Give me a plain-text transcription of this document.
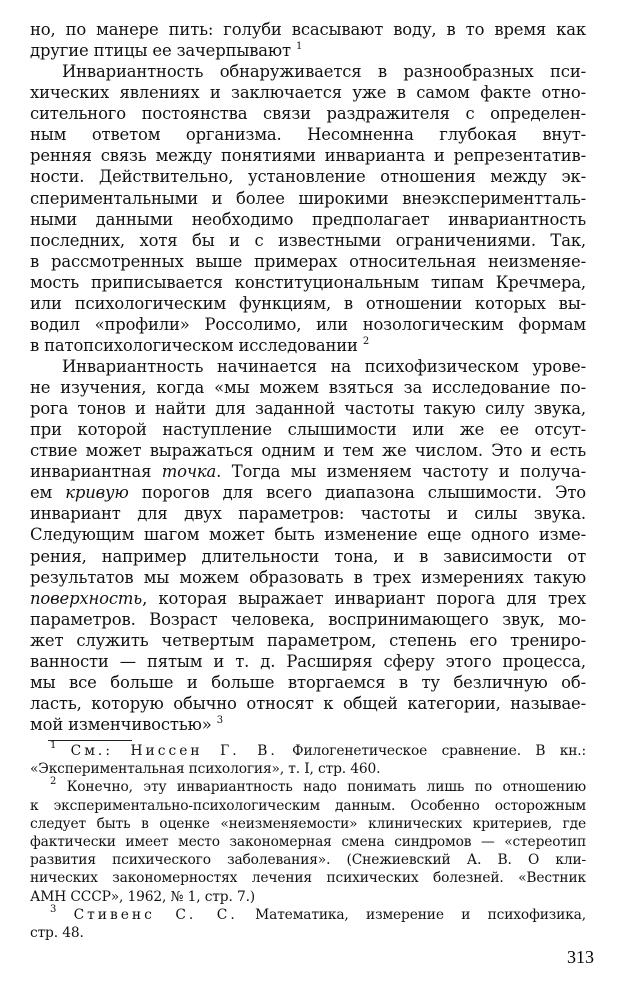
но, по манере пить: голуби всасывают воду, в то время как
другие птицы ее зачерпывают $^1$
Инвариантность обнаруживается в разнообразных пси-
хических явлениях и заключается уже в самом факте отно-
сительного постоянства связи раздражителя с определен-
ным ответом организма. Несомненна глубокая внут-
ренняя связь между понятиями инварианта и репрезентатив-
ности. Действительно, установление отношения между эк-
спериментальными и более широкими внеэкспериментталь-
ными данными необходимо предполагает инвариантность
последних, хотя бы и с известными ограничениями. Так,
в рассмотренных выше примерах относительная неизменяе-
мость приписывается конституциональным типам Кречмера,
или психологическим функциям, в отношении которых вы-
водил «профили» Россолимо, или нозологическим формам
в патопсихологическом исследовании $^2$
Инвариантность начинается на психофизическом урове-
не изучения, когда «мы можем взяться за исследование по-
рога тонов и найти для заданной частоты такую силу звука,
при которой наступление слышимости или же ее отсут-
ствие может выражаться одним и тем же числом. Это и есть
инвариантная точка. Тогда мы изменяем частоту и получа-
ем кривую порогов для всего диапазона слышимости. Это
инвариант для двух параметров: частоты и силы звука.
Следующим шагом может быть изменение еще одного изме-
рения, например длительности тона, и в зависимости от
результатов мы можем образовать в трех измерениях такую
поверхность, которая выражает инвариант порога для трех
параметров. Возраст человека, воспринимающего звук, мо-
жет служить четвертым параметром, степень его трениро-
ванности — пятым и т. д. Расширяя сферу этого процесса,
мы все больше и больше вторгаемся в ту безличную об-
ласть, которую обычно относят к общей категории, называе-
мой изменчивостью» $^3$
$^1$ См.: Ниссен Г. В. Филогенетическое сравнение. В кн.:
«Экспериментальная психология», т. I, стр. 460.
$^2$ Конечно, эту инвариантность надо понимать лишь по отношению
к экспериментально-психологическим данным. Особенно осторожным
следует быть в оценке «неизменяемости» клинических критериев, где
фактически имеет место закономерная смена синдромов — «стереотип
развития психического заболевания». (Снежиевский А. В. О кли-
313
нических закономерностях лечения психических болезней. «Вестник
АМН СССР», 1962, № 1, стр. 7.)
$^3$ Стивенс С. С. Математика, измерение и психофизика,
стр. 48.
